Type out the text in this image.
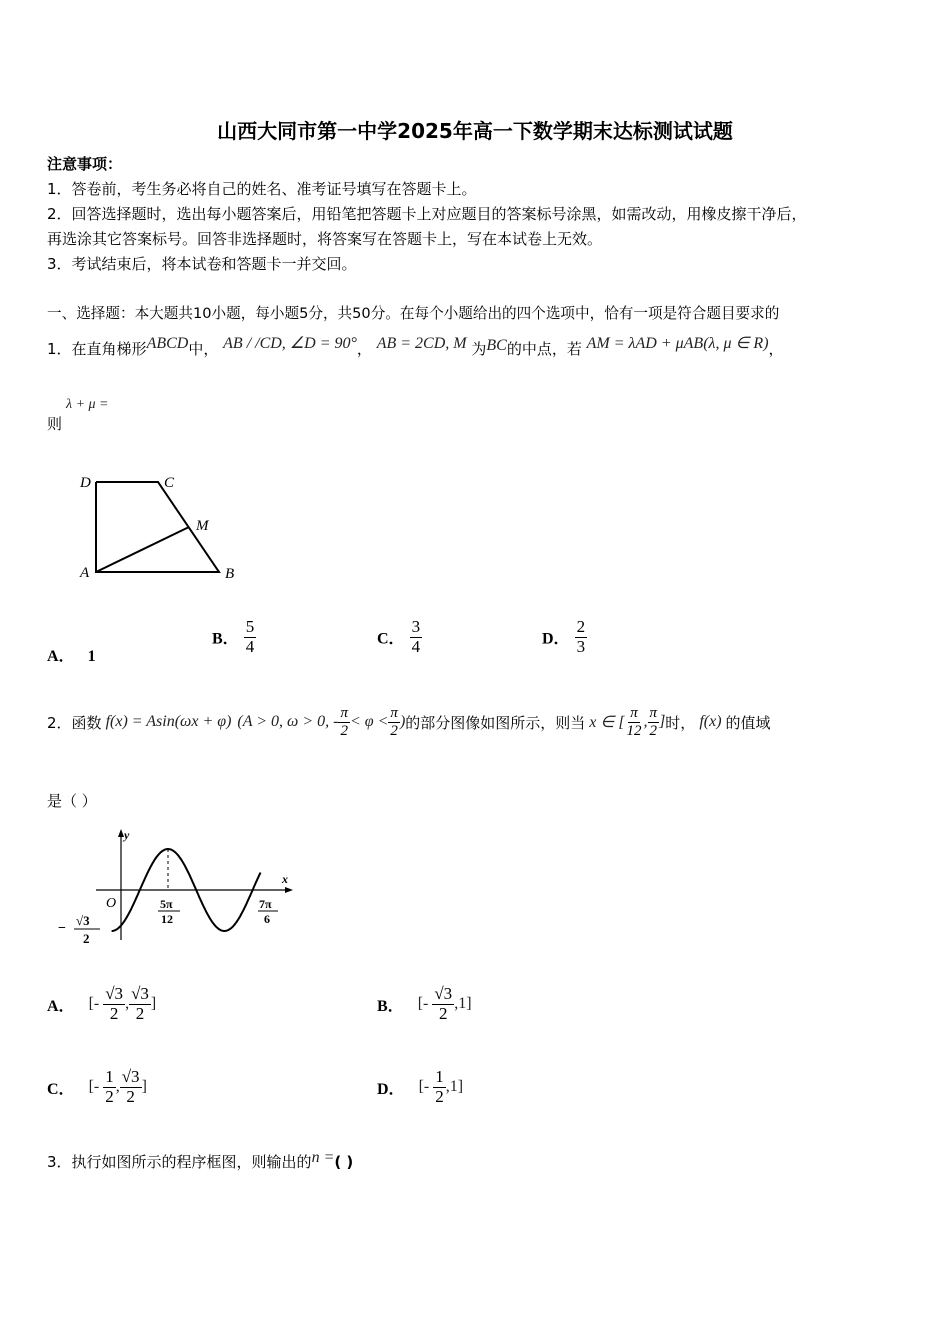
山西大同市第一中学2025年高一下数学期末达标测试试题
注意事项：
1．答卷前，考生务必将自己的姓名、准考证号填写在答题卡上。
2．回答选择题时，选出每小题答案后，用铅笔把答题卡上对应题目的答案标号涂黑，如需改动，用橡皮擦干净后，
再选涂其它答案标号。回答非选择题时，将答案写在答题卡上，写在本试卷上无效。
3．考试结束后，将本试卷和答题卡一并交回。
一、选择题：本大题共10小题，每小题5分，共50分。在每个小题给出的四个选项中，恰有一项是符合题目要求的
1．在直角梯形ABCD中， AB / /CD, ∠D = 90°， AB = 2CD, M 为BC的中点，若 AM = λAD + μAB(λ, μ ∈ R)，
则
λ + μ =
D	C
M
A	B
A． 1
B． $\frac{5}{4}$	C． $\frac{3}{4}$	D． $\frac{2}{3}$
2． 函数 f(x) = Asin(ωx + φ) (A > 0, ω > 0, - $\frac{\pi}{2} < \varphi < \frac{\pi}{2}$ ) 的部分图像如图所示，则当 x ∈ [ $\frac{\pi}{12}$ , $\frac{\pi}{2}$ ] 时， f(x) 的值域
是（ ）
y
x
O	5π
12
7π
6
−
√3
2
A． [- $\frac{√3}{2}$ , $\frac{√3}{2}$ ]	B． [- $\frac{√3}{2} ,1$]
C． [- $\frac{1}{2}$ , $\frac{√3}{2}$ ]	D． [- $\frac{1}{2} ,1$]
3．执行如图所示的程序框图，则输出的n =( )
